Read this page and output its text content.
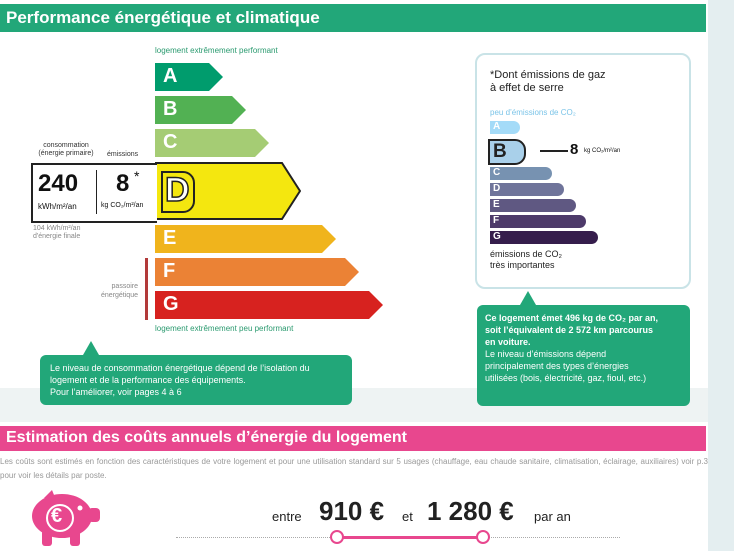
Performance énergétique et climatique
logement extrêmement performant
A
B
C
D
E
F
G
logement extrêmement peu performant
consommation
(énergie primaire)	émissions
240
kWh/m²/an
8 *
kg CO₂/m²/an
104 kWh/m²/an
d'énergie finale
passoire
énergétique
Le niveau de consommation énergétique dépend de l’isolation du
logement et de la performance des équipements.
Pour l’améliorer, voir pages 4 à 6
*Dont émissions de gaz
à effet de serre
peu d’émissions de CO₂
A
B	8 kg CO₂/m²/an
C
D
E
F
G
émissions de CO₂
très importantes
Ce logement émet 496 kg de CO₂ par an,
soit l’équivalent de 2 572 km parcourus
en voiture.
Le niveau d’émissions dépend
principalement des types d’énergies
utilisées (bois, électricité, gaz, fioul, etc.)
Estimation des coûts annuels d’énergie du logement
Les coûts sont estimés en fonction des caractéristiques de votre logement et pour une utilisation standard sur 5 usages (chauffage, eau chaude sanitaire, climatisation, éclairage, auxiliaires) voir p.3 pour voir les détails par poste.
€	entre 910 € et 1 280 € par an
